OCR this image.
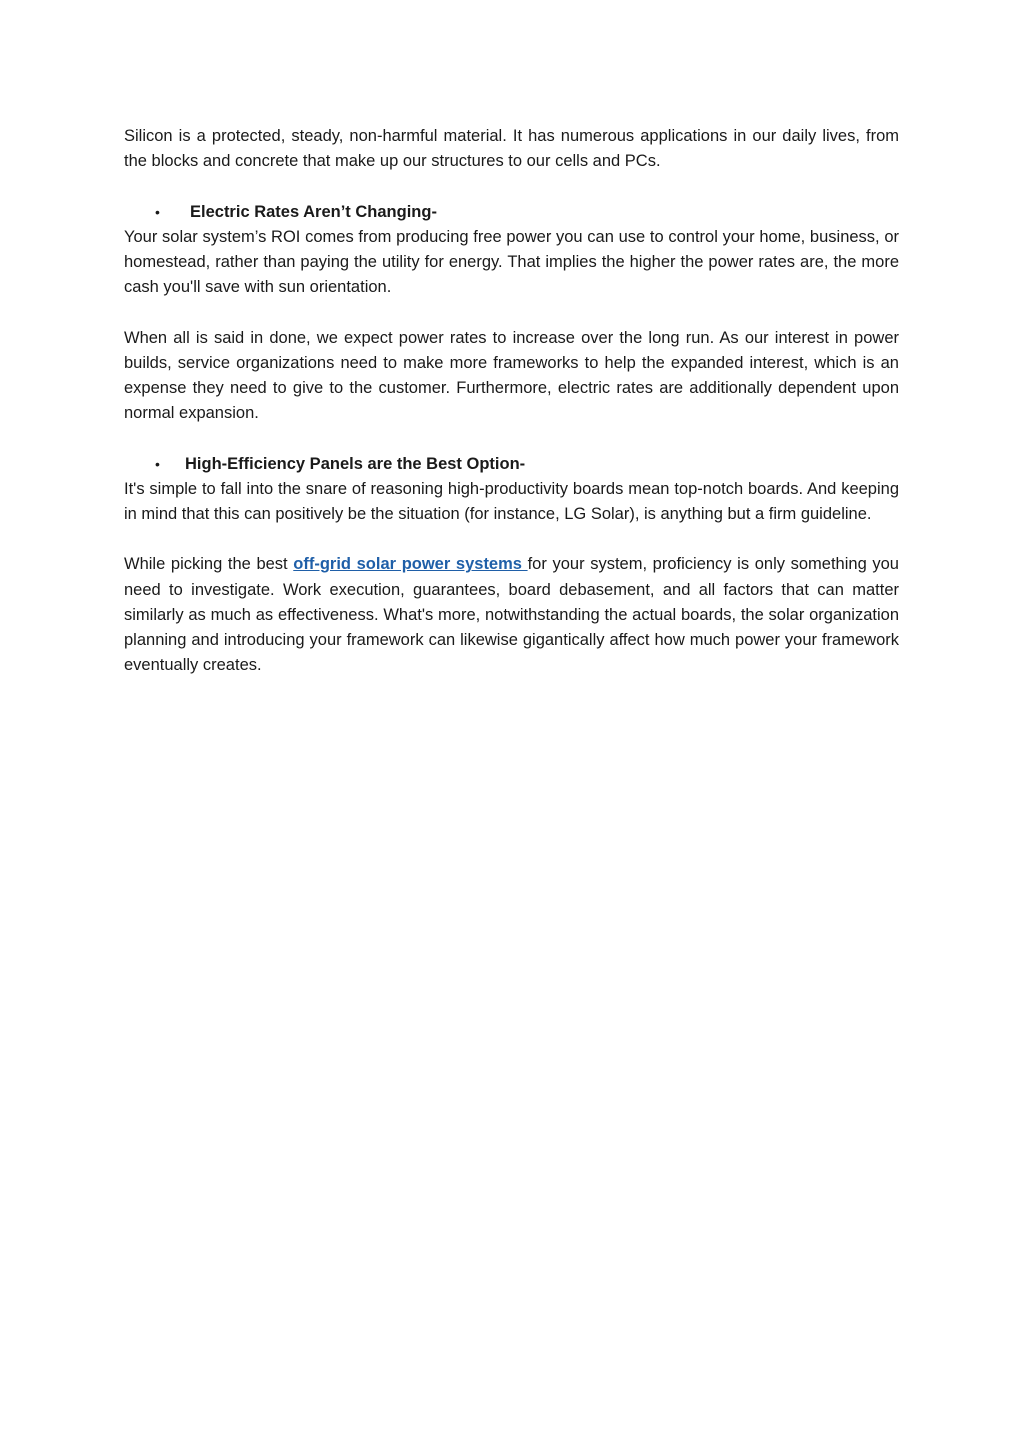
Silicon is a protected, steady, non-harmful material. It has numerous applications in our daily lives, from the blocks and concrete that make up our structures to our cells and PCs.

• Electric Rates Aren’t Changing-

Your solar system’s ROI comes from producing free power you can use to control your home, business, or homestead, rather than paying the utility for energy. That implies the higher the power rates are, the more cash you'll save with sun orientation.

When all is said in done, we expect power rates to increase over the long run. As our interest in power builds, service organizations need to make more frameworks to help the expanded interest, which is an expense they need to give to the customer. Furthermore, electric rates are additionally dependent upon normal expansion.

• High-Efficiency Panels are the Best Option-

It's simple to fall into the snare of reasoning high-productivity boards mean top-notch boards. And keeping in mind that this can positively be the situation (for instance, LG Solar), is anything but a firm guideline.

While picking the best off-grid solar power systems for your system, proficiency is only something you need to investigate. Work execution, guarantees, board debasement, and all factors that can matter similarly as much as effectiveness. What's more, notwithstanding the actual boards, the solar organization planning and introducing your framework can likewise gigantically affect how much power your framework eventually creates.
